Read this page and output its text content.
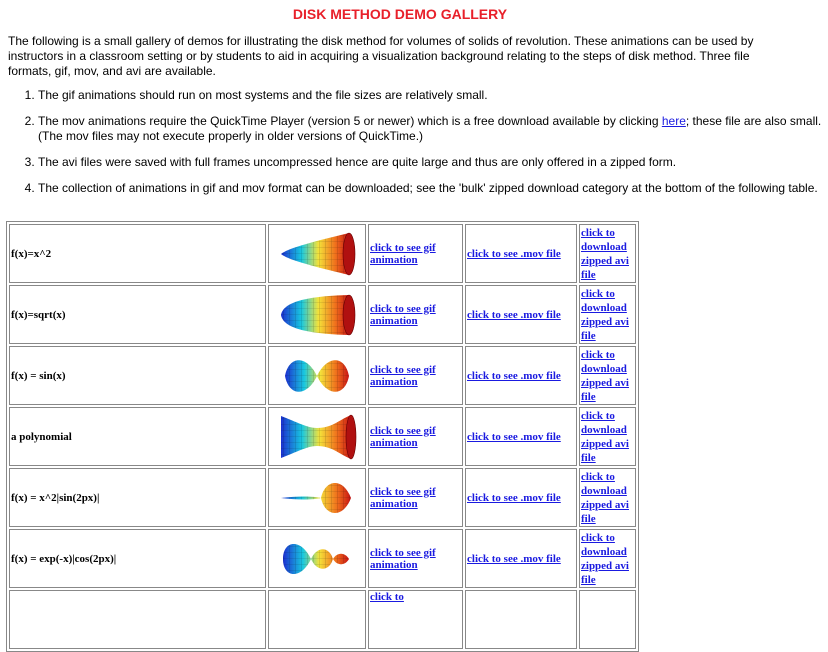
DISK METHOD DEMO GALLERY

The following is a small gallery of demos for illustrating the disk method for volumes of solids of revolution. These animations can be used by instructors in a classroom setting or by students to aid in acquiring a visualization background relating to the steps of disk method. Three file formats, gif, mov, and avi are available.

1. The gif animations should run on most systems and the file sizes are relatively small.
2. The mov animations require the QuickTime Player (version 5 or newer) which is a free download available by clicking here; these file are also small. (The mov files may not execute properly in older versions of QuickTime.)
3. The avi files were saved with full frames uncompressed hence are quite large and thus are only offered in a zipped form.
4. The collection of animations in gif and mov format can be downloaded; see the 'bulk' zipped download category at the bottom of the following table.
f(x)=x^2		click to see gif animation	click to see .mov file	click to download zipped avi file
f(x)=sqrt(x)		click to see gif animation	click to see .mov file	click to download zipped avi file
f(x) = sin(x)		click to see gif animation	click to see .mov file	click to download zipped avi file
a polynomial		click to see gif animation	click to see .mov file	click to download zipped avi file
f(x) = x^2|sin(2px)|		click to see gif animation	click to see .mov file	click to download zipped avi file
f(x) = exp(-x)|cos(2px)|		click to see gif animation	click to see .mov file	click to download zipped avi file
		click to		
